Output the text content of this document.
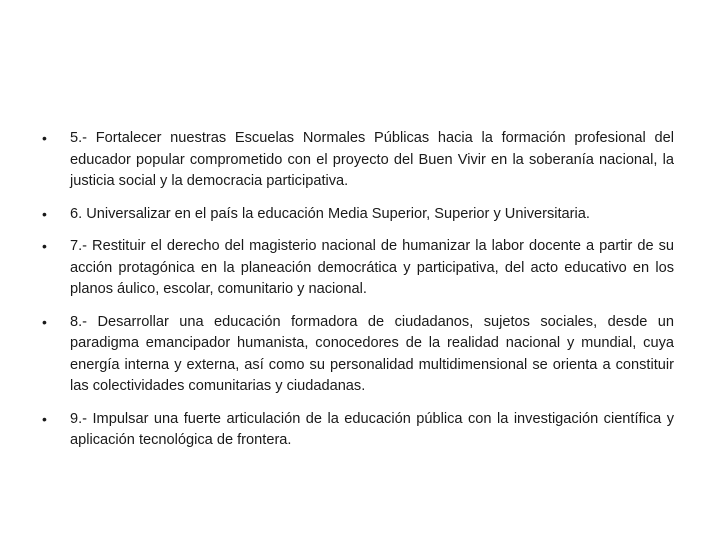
• 5.- Fortalecer nuestras Escuelas Normales Públicas hacia la formación profesional del educador popular comprometido con el proyecto del Buen Vivir en la soberanía nacional, la justicia social y la democracia participativa.
• 6. Universalizar en el país la educación Media Superior, Superior y Universitaria.
• 7.- Restituir el derecho del magisterio nacional de humanizar la labor docente a partir de su acción protagónica en la planeación democrática y participativa, del acto educativo en los planos áulico, escolar, comunitario y nacional.
• 8.- Desarrollar una educación formadora de ciudadanos, sujetos sociales, desde un paradigma emancipador humanista, conocedores de la realidad nacional y mundial, cuya energía interna y externa, así como su personalidad multidimensional se orienta a constituir las colectividades comunitarias y ciudadanas.
• 9.- Impulsar una fuerte articulación de la educación pública con la investigación científica y aplicación tecnológica de frontera.
